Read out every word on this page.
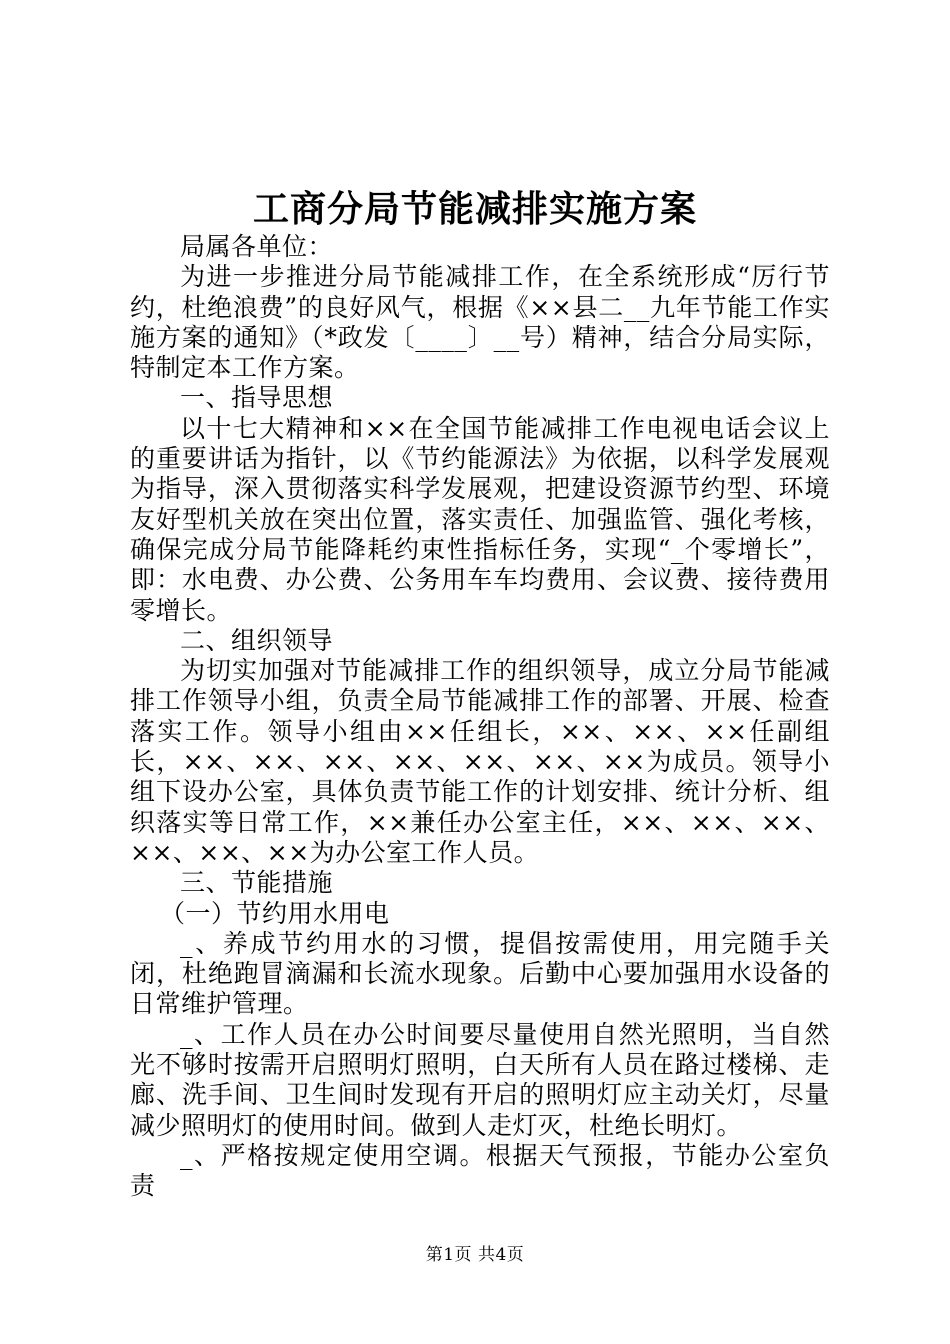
工商分局节能减排实施方案

局属各单位：

为进一步推进分局节能减排工作，在全系统形成“厉行节约，杜绝浪费”的良好风气，根据《××县二__九年节能工作实施方案的通知》（*政发〔____〕__号）精神，结合分局实际，特制定本工作方案。

一、指导思想

以十七大精神和××在全国节能减排工作电视电话会议上的重要讲话为指针，以《节约能源法》为依据，以科学发展观为指导，深入贯彻落实科学发展观，把建设资源节约型、环境友好型机关放在突出位置，落实责任、加强监管、强化考核，确保完成分局节能降耗约束性指标任务，实现“_个零增长”，即：水电费、办公费、公务用车车均费用、会议费、接待费用零增长。

二、组织领导

为切实加强对节能减排工作的组织领导，成立分局节能减排工作领导小组，负责全局节能减排工作的部署、开展、检查落实工作。领导小组由××任组长，××、××、××任副组长，××、××、××、××、××、××、××为成员。领导小组下设办公室，具体负责节能工作的计划安排、统计分析、组织落实等日常工作，××兼任办公室主任，××、××、××、××、××、××为办公室工作人员。

三、节能措施

（一）节约用水用电

_、养成节约用水的习惯，提倡按需使用，用完随手关闭，杜绝跑冒滴漏和长流水现象。后勤中心要加强用水设备的日常维护管理。

_、工作人员在办公时间要尽量使用自然光照明，当自然光不够时按需开启照明灯照明，白天所有人员在路过楼梯、走廊、洗手间、卫生间时发现有开启的照明灯应主动关灯，尽量减少照明灯的使用时间。做到人走灯灭，杜绝长明灯。

_、严格按规定使用空调。根据天气预报，节能办公室负责

第1页 共4页
